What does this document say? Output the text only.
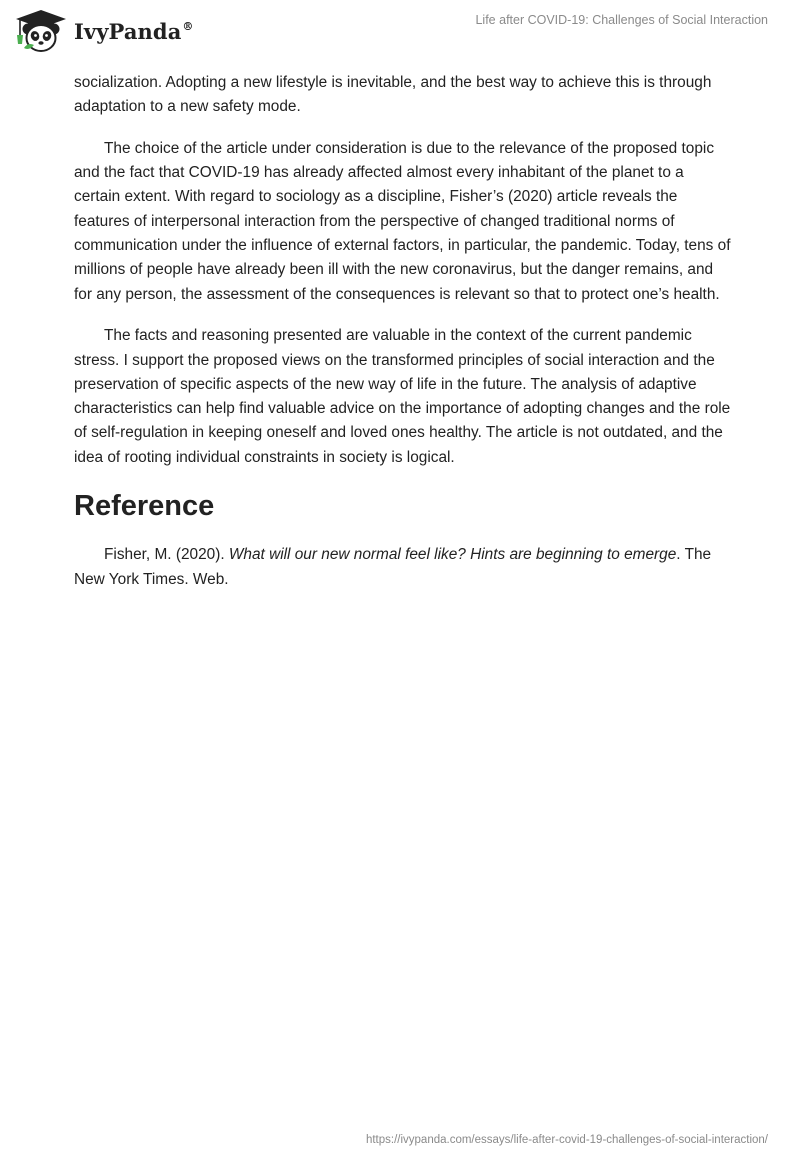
IvyPanda®	Life after COVID-19: Challenges of Social Interaction

socialization. Adopting a new lifestyle is inevitable, and the best way to achieve this is through adaptation to a new safety mode.

The choice of the article under consideration is due to the relevance of the proposed topic and the fact that COVID-19 has already affected almost every inhabitant of the planet to a certain extent. With regard to sociology as a discipline, Fisher’s (2020) article reveals the features of interpersonal interaction from the perspective of changed traditional norms of communication under the influence of external factors, in particular, the pandemic. Today, tens of millions of people have already been ill with the new coronavirus, but the danger remains, and for any person, the assessment of the consequences is relevant so that to protect one’s health.

The facts and reasoning presented are valuable in the context of the current pandemic stress. I support the proposed views on the transformed principles of social interaction and the preservation of specific aspects of the new way of life in the future. The analysis of adaptive characteristics can help find valuable advice on the importance of adopting changes and the role of self-regulation in keeping oneself and loved ones healthy. The article is not outdated, and the idea of rooting individual constraints in society is logical.

Reference

Fisher, M. (2020). What will our new normal feel like? Hints are beginning to emerge. The New York Times. Web.

https://ivypanda.com/essays/life-after-covid-19-challenges-of-social-interaction/
